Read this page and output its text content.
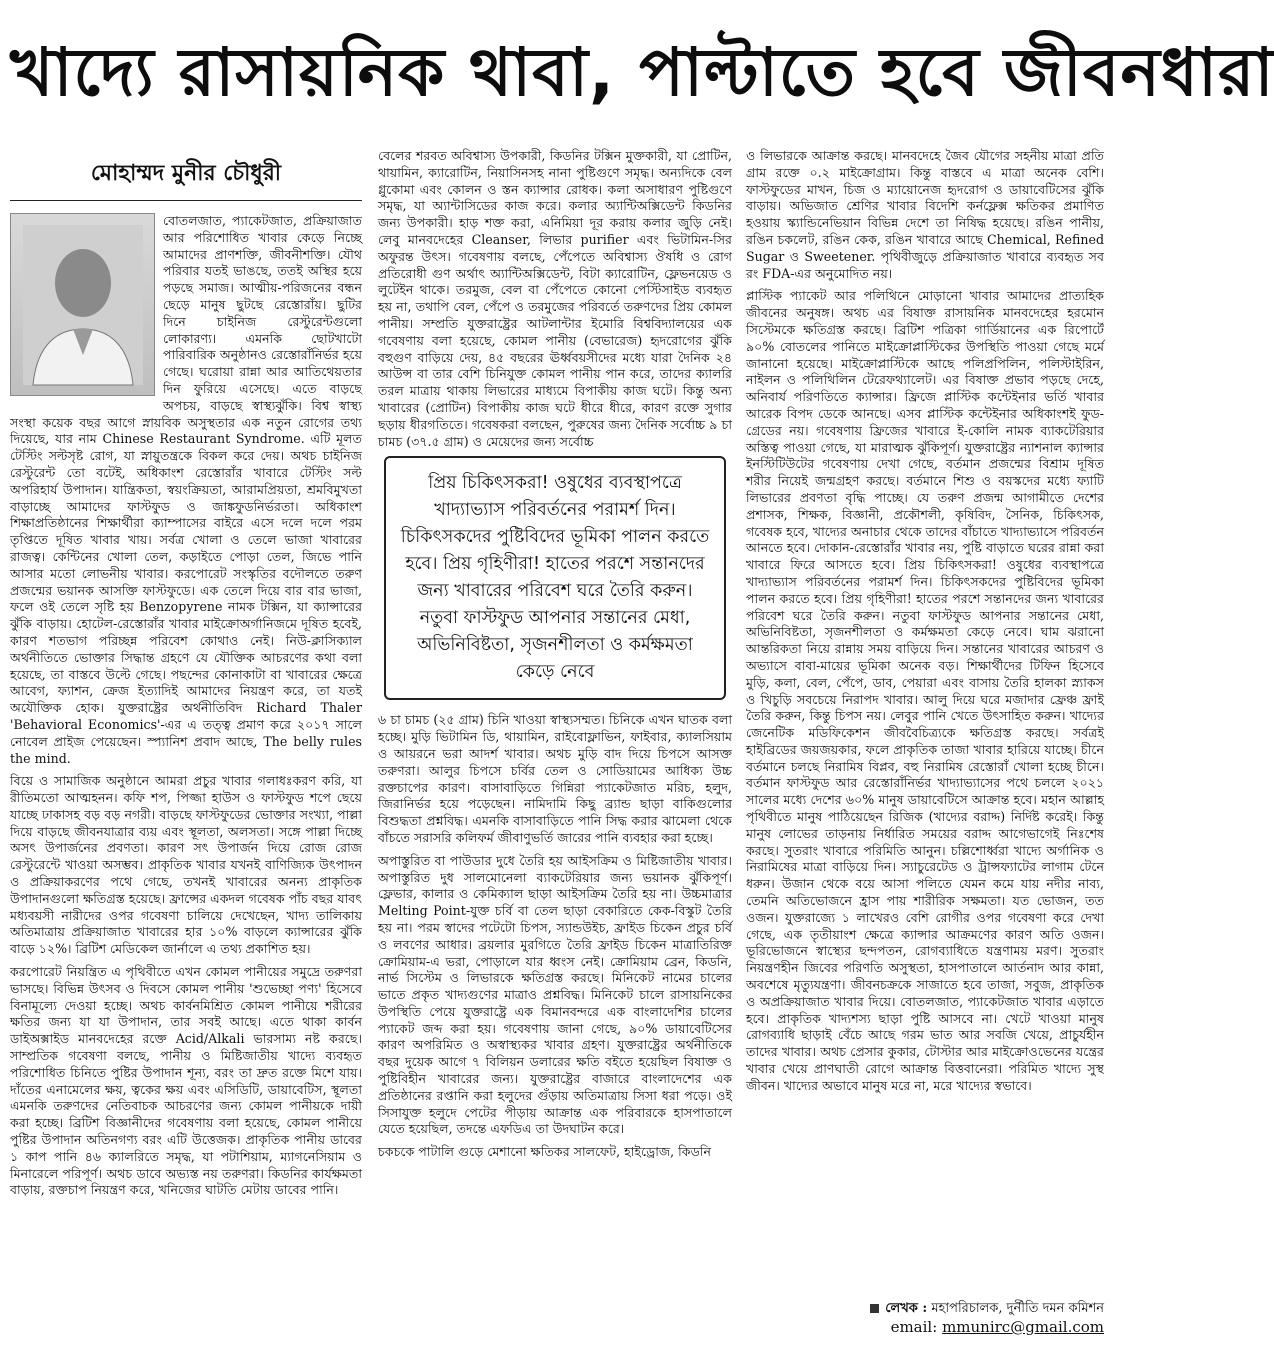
খাদ্যে রাসায়নিক থাবা, পাল্টাতে হবে জীবনধারা
মোহাম্মদ মুনীর চৌধুরী

বোতলজাত, প্যাকেটজাত, প্রক্রিয়াজাত আর পরিশোধিত খাবার কেড়ে নিচ্ছে আমাদের প্রাণশক্তি, জীবনীশক্তি। যৌথ পরিবার যতই ভাঙছে, ততই অস্থির হয়ে পড়ছে সমাজ। আত্মীয়-পরিজনের বন্ধন ছেড়ে মানুষ ছুটছে রেস্তোরাঁয়। ছুটির দিনে চাইনিজ রেস্টুরেন্টগুলো লোকারণ্য। এমনকি ছোটখাটো পারিবারিক অনুষ্ঠানও রেস্তোরাঁনির্ভর হয়ে গেছে। ঘরোয়া রান্না আর আতিথেয়তার দিন ফুরিয়ে এসেছে। এতে বাড়ছে অপচয়, বাড়ছে স্বাস্থ্যঝুঁকি। বিশ্ব স্বাস্থ্য সংস্থা কয়েক বছর আগে স্নায়বিক অসুস্থতার এক নতুন রোগের তথ্য দিয়েছে, যার নাম Chinese Restaurant Syndrome. এটি মূলত টেস্টিং সল্টসৃষ্ট রোগ, যা স্নায়ুতন্ত্রকে বিকল করে দেয়। অথচ চাইনিজ রেস্টুরেন্ট তো বটেই, অধিকাংশ রেস্তোরাঁর খাবারে টেস্টিং সল্ট অপরিহার্য উপাদান। যান্ত্রিকতা, স্বয়ংক্রিয়তা, আরামপ্রিয়তা, শ্রমবিমুখতা বাড়াচ্ছে আমাদের ফাস্টফুড ও জাঙ্কফুডনির্ভরতা। অধিকাংশ শিক্ষাপ্রতিষ্ঠানের শিক্ষার্থীরা ক্যাম্পাসের বাইরে এসে দলে দলে পরম তৃপ্তিতে দূষিত খাবার খায়। সর্বত্র খোলা ও তেলে ভাজা খাবারের রাজত্ব। কেন্টিনের খোলা তেল, কড়াইতে পোড়া তেল, জিভে পানি আসার মতো লোভনীয় খাবার। করপোরেট সংস্কৃতির বদৌলতে তরুণ প্রজন্মের ভয়ানক আসক্তি ফাস্টফুডে। এক তেলে দিয়ে বার বার ভাজা, ফলে ওই তেলে সৃষ্টি হয় Benzopyrene নামক টক্সিন, যা ক্যান্সারের ঝুঁকি বাড়ায়। হোটেল-রেস্তোরাঁর খাবার মাইক্রোঅর্গানিজমে দূষিত হবেই, কারণ শতভাগ পরিচ্ছন্ন পরিবেশ কোথাও নেই। নিউ-ক্লাসিক্যাল অর্থনীতিতে ভোক্তার সিদ্ধান্ত গ্রহণে যে যৌক্তিক আচরণের কথা বলা হয়েছে, তা বাস্তবে উল্টে গেছে। পছন্দের কোনাকাটা বা খাবারের ক্ষেত্রে আবেগ, ফ্যাশন, ক্রেজ ইত্যাদিই আমাদের নিয়ন্ত্রণ করে, তা যতই অযৌক্তিক হোক। যুক্তরাষ্ট্রের অর্থনীতিবিদ Richard Thaler 'Behavioral Economics'-এর এ তত্ত্ব প্রমাণ করে ২০১৭ সালে নোবেল প্রাইজ পেয়েছেন। স্প্যানিশ প্রবাদ আছে, The belly rules the mind.

বিয়ে ও সামাজিক অনুষ্ঠানে আমরা প্রচুর খাবার গলাধঃকরণ করি, যা রীতিমতো আত্মহনন। কফি শপ, পিজ্জা হাউস ও ফাস্টফুড শপে ছেয়ে যাচ্ছে ঢাকাসহ বড় বড় নগরী। বাড়ছে ফাস্টফুডের ভোক্তার সংখ্যা, পাল্লা দিয়ে বাড়ছে জীবনযাত্রার ব্যয় এবং স্থূলতা, অলসতা। সঙ্গে পাল্লা দিচ্ছে অসৎ উপার্জনের প্রবণতা। কারণ সৎ উপার্জন দিয়ে রোজ রোজ রেস্টুরেন্টে খাওয়া অসম্ভব। প্রাকৃতিক খাবার যখনই বাণিজ্যিক উৎপাদন ও প্রক্রিয়াকরণের পথে গেছে, তখনই খাবারের অনন্য প্রাকৃতিক উপাদানগুলো ক্ষতিগ্রস্ত হয়েছে। ফ্রান্সের একদল গবেষক পাঁচ বছর যাবৎ মধ্যবয়সী নারীদের ওপর গবেষণা চালিয়ে দেখেছেন, খাদ্য তালিকায় অতিমাত্রায় প্রক্রিয়াজাত খাবারের হার ১০% বাড়লে ক্যান্সারের ঝুঁকি বাড়ে ১২%। ব্রিটিশ মেডিকেল জার্নালে এ তথ্য প্রকাশিত হয়।

করপোরেট নিয়ন্ত্রিত এ পৃথিবীতে এখন কোমল পানীয়ের সমুদ্রে তরুণরা ভাসছে। বিভিন্ন উৎসব ও দিবসে কোমল পানীয় 'শুভেচ্ছা পণ্য' হিসেবে বিনামূল্যে দেওয়া হচ্ছে। অথচ কার্বনমিশ্রিত কোমল পানীয়ে শরীরের ক্ষতির জন্য যা যা উপাদান, তার সবই আছে। এতে থাকা কার্বন ডাইঅক্সাইড মানবদেহের রক্তে Acid/Alkali ভারসাম্য নষ্ট করছে। সাম্প্রতিক গবেষণা বলছে, পানীয় ও মিষ্টিজাতীয় খাদ্যে ব্যবহৃত পরিশোধিত চিনিতে পুষ্টির উপাদান শূন্য, বরং তা দ্রুত রক্তে মিশে যায়। দাঁতের এনামেলের ক্ষয়, ত্বকের ক্ষয় এবং এসিডিটি, ডায়াবেটিস, স্থূলতা এমনকি তরুণদের নেতিবাচক আচরণের জন্য কোমল পানীয়কে দায়ী করা হচ্ছে। ব্রিটিশ বিজ্ঞানীদের গবেষণায় বলা হয়েছে, কোমল পানীয়ে পুষ্টির উপাদান অতিনগণ্য বরং এটি উত্তেজক। প্রাকৃতিক পানীয় ডাবের ১ কাপ পানি ৪৬ ক্যালরিতে সমৃদ্ধ, যা পটাশিয়াম, ম্যাগনেসিয়াম ও মিনারেলে পরিপূর্ণ। অথচ ডাবে অভ্যস্ত নয় তরুণরা। কিডনির কার্যক্ষমতা বাড়ায়, রক্তচাপ নিয়ন্ত্রণ করে, খনিজের ঘাটতি মেটায় ডাবের পানি।

বেলের শরবত অবিশ্বাস্য উপকারী, কিডনির টক্সিন মুক্তকারী, যা প্রোটিন, থায়ামিন, ক্যারোটিন, নিয়াসিনসহ নানা পুষ্টিগুণে সমৃদ্ধ। অন্যদিকে বেল গ্লুকোমা এবং কোলন ও স্তন ক্যান্সার রোধক। কলা অসাধারণ পুষ্টিগুণে সমৃদ্ধ, যা অ্যান্টাসিডের কাজ করে। কলার অ্যান্টিঅক্সিডেন্ট কিডনির জন্য উপকারী। হাড় শক্ত করা, এনিমিয়া দূর করায় কলার জুড়ি নেই। লেবু মানবদেহের Cleanser, লিভার purifier এবং ভিটামিন-সির অফুরন্ত উৎস। গবেষণায় বলছে, পেঁপেতে অবিশ্বাস্য ঔষধি ও রোগ প্রতিরোধী গুণ অর্থাৎ অ্যান্টিঅক্সিডেন্ট, বিটা ক্যারোটিন, ফ্লেভনয়েড ও লুটেইন থাকে। তরমুজ, বেল বা পেঁপেতে কোনো পেস্টিসাইড ব্যবহৃত হয় না, তথাপি বেল, পেঁপে ও তরমুজের পরিবর্তে তরুণদের প্রিয় কোমল পানীয়। সম্প্রতি যুক্তরাষ্ট্রের আটলান্টার ইমোরি বিশ্ববিদ্যালয়ের এক গবেষণায় বলা হয়েছে, কোমল পানীয় (বেভারেজ) হৃদরোগের ঝুঁকি বহুগুণ বাড়িয়ে দেয়, ৪৫ বছরের ঊর্ধ্ববয়সীদের মধ্যে যারা দৈনিক ২৪ আউন্স বা তার বেশি চিনিযুক্ত কোমল পানীয় পান করে, তাদের ক্যালরি তরল মাত্রায় থাকায় লিভারের মাধ্যমে বিপাকীয় কাজ ঘটে। কিন্তু অন্য খাবারের (প্রোটিন) বিপাকীয় কাজ ঘটে ধীরে ধীরে, কারণ রক্তে সুগার ছড়ায় ধীরগতিতে। গবেষকরা বলছেন, পুরুষের জন্য দৈনিক সর্বোচ্চ ৯ চা চামচ (৩৭.৫ গ্রাম) ও মেয়েদের জন্য সর্বোচ্চ

প্রিয় চিকিৎসকরা! ওষুধের ব্যবস্থাপত্রে খাদ্যাভ্যাস পরিবর্তনের পরামর্শ দিন। চিকিৎসকদের পুষ্টিবিদের ভূমিকা পালন করতে হবে। প্রিয় গৃহিণীরা! হাতের পরশে সন্তানদের জন্য খাবারের পরিবেশ ঘরে তৈরি করুন। নতুবা ফাস্টফুড আপনার সন্তানের মেধা, অভিনিবিষ্টতা, সৃজনশীলতা ও কর্মক্ষমতা কেড়ে নেবে

৬ চা চামচ (২৫ গ্রাম) চিনি খাওয়া স্বাস্থ্যসম্মত। চিনিকে এখন ঘাতক বলা হচ্ছে। মুড়ি ভিটামিন ডি, থায়ামিন, রাইবোফ্লাভিন, ফাইবার, ক্যালসিয়াম ও আয়রনে ভরা আদর্শ খাবার। অথচ মুড়ি বাদ দিয়ে চিপসে আসক্ত তরুণরা। আলুর চিপসে চর্বির তেল ও সোডিয়ামের আধিক্য উচ্চ রক্তচাপের কারণ। বাসাবাড়িতে গিন্নিরা প্যাকেটজাত মরিচ, হলুদ, জিরানির্ভর হয়ে পড়েছেন। নামিদামি কিছু ব্র্যান্ড ছাড়া বাকিগুলোর বিশুদ্ধতা প্রশ্নবিদ্ধ। এমনকি বাসাবাড়িতে পানি সিদ্ধ করার ঝামেলা থেকে বাঁচতে সরাসরি কলিফর্ম জীবাণুভর্তি জারের পানি ব্যবহার করা হচ্ছে।

অপাস্তুরিত বা পাউডার দুধে তৈরি হয় আইসক্রিম ও মিষ্টিজাতীয় খাবার। অপাস্তুরিত দুধ সালমোনেলা ব্যাকটেরিয়ার জন্য ভয়ানক ঝুঁকিপূর্ণ। ফ্লেভার, কালার ও কেমিক্যাল ছাড়া আইসক্রিম তৈরি হয় না। উচ্চমাত্রার Melting Point-যুক্ত চর্বি বা তেল ছাড়া বেকারিতে কেক-বিস্কুট তৈরি হয় না। পরম স্বাদের পটেটো চিপস, স্যান্ডউইচ, ফ্রাইড চিকেন প্রচুর চর্বি ও লবণের আধার। ব্রয়লার মুরগিতে তৈরি ফ্রাইড চিকেন মাত্রাতিরিক্ত ক্রোমিয়াম-এ ভরা, পোড়ালে যার ধ্বংস নেই। ক্রোমিয়াম ব্রেন, কিডনি, নার্ভ সিস্টেম ও লিভারকে ক্ষতিগ্রস্ত করছে। মিনিকেট নামের চালের ভাতে প্রকৃত খাদ্যগুণের মাত্রাও প্রশ্নবিদ্ধ। মিনিকেট চালে রাসায়নিকের উপস্থিতি পেয়ে যুক্তরাষ্ট্রে এক বিমানবন্দরে এক বাংলাদেশির চালের প্যাকেট জব্দ করা হয়। গবেষণায় জানা গেছে, ৯০% ডায়াবেটিসের কারণ অপরিমিত ও অস্বাস্থ্যকর খাবার গ্রহণ। যুক্তরাষ্ট্রের অর্থনীতিকে বছর দুয়েক আগে ৭ বিলিয়ন ডলারের ক্ষতি বইতে হয়েছিল বিষাক্ত ও পুষ্টিবিহীন খাবারের জন্য। যুক্তরাষ্ট্রের বাজারে বাংলাদেশের এক প্রতিষ্ঠানের রপ্তানি করা হলুদের গুঁড়ায় অতিমাত্রায় সিসা ধরা পড়ে। ওই সিসাযুক্ত হলুদে পেটের পীড়ায় আক্রান্ত এক পরিবারকে হাসপাতালে যেতে হয়েছিল, তদন্তে এফডিএ তা উদঘাটন করে।

চকচকে পাটালি গুড়ে মেশানো ক্ষতিকর সালফেট, হাইড্রোজ, কিডনি

ও লিভারকে আক্রান্ত করছে। মানবদেহে জৈব যৌগের সহনীয় মাত্রা প্রতি গ্রাম রক্তে ০.২ মাইক্রোগ্রাম। কিন্তু বাস্তবে এ মাত্রা অনেক বেশি। ফাস্টফুডের মাখন, চিজ ও ম্যায়োনেজ হৃদরোগ ও ডায়াবেটিসের ঝুঁকি বাড়ায়। অভিজাত শ্রেণির খাবার বিদেশি কর্নফ্লেক্স ক্ষতিকর প্রমাণিত হওয়ায় স্ক্যান্ডিনেভিয়ান বিভিন্ন দেশে তা নিষিদ্ধ হয়েছে। রঙিন পানীয়, রঙিন চকলেট, রঙিন কেক, রঙিন খাবারে আছে Chemical, Refined Sugar ও Sweetener. পৃথিবীজুড়ে প্রক্রিয়াজাত খাবারে ব্যবহৃত সব রং FDA-এর অনুমোদিত নয়।

প্লাস্টিক প্যাকেট আর পলিথিনে মোড়ানো খাবার আমাদের প্রাত্যহিক জীবনের অনুষঙ্গ। অথচ এর বিষাক্ত রাসায়নিক মানবদেহের হরমোন সিস্টেমকে ক্ষতিগ্রস্ত করছে। ব্রিটিশ পত্রিকা গার্ডিয়ানের এক রিপোর্টে ৯০% বোতলের পানিতে মাইক্রোপ্লাস্টিকের উপস্থিতি পাওয়া গেছে মর্মে জানানো হয়েছে। মাইক্রোপ্লাস্টিকে আছে পলিপ্রপিলিন, পলিস্টাইরিন, নাইলন ও পলিথিলিন টেরেফথ্যালেট। এর বিষাক্ত প্রভাব পড়ছে দেহে, অনিবার্য পরিণতিতে ক্যান্সার। ফ্রিজে প্লাস্টিক কন্টেইনার ভর্তি খাবার আরেক বিপদ ডেকে আনছে। এসব প্লাস্টিক কন্টেইনার অধিকাংশই ফুড-গ্রেডের নয়। গবেষণায় ফ্রিজের খাবারে ই-কোলি নামক ব্যাকটেরিয়ার অস্তিত্ব পাওয়া গেছে, যা মারাত্মক ঝুঁকিপূর্ণ। যুক্তরাষ্ট্রের ন্যাশনাল ক্যান্সার ইনস্টিটিউটের গবেষণায় দেখা গেছে, বর্তমান প্রজন্মের বিশ্রাম দূষিত শরীর নিয়েই জন্মগ্রহণ করছে। বর্তমানে শিশু ও বয়স্কদের মধ্যে ফ্যাটি লিভারের প্রবণতা বৃদ্ধি পাচ্ছে। যে তরুণ প্রজন্ম আগামীতে দেশের প্রশাসক, শিক্ষক, বিজ্ঞানী, প্রকৌশলী, কৃষিবিদ, সৈনিক, চিকিৎসক, গবেষক হবে, খাদ্যের অনাচার থেকে তাদের বাঁচাতে খাদ্যাভ্যাসে পরিবর্তন আনতে হবে। দোকান-রেস্তোরাঁর খাবার নয়, পুষ্টি বাড়াতে ঘরের রান্না করা খাবারে ফিরে আসতে হবে। প্রিয় চিকিৎসকরা! ওষুধের ব্যবস্থাপত্রে খাদ্যাভ্যাস পরিবর্তনের পরামর্শ দিন। চিকিৎসকদের পুষ্টিবিদের ভূমিকা পালন করতে হবে। প্রিয় গৃহিণীরা! হাতের পরশে সন্তানদের জন্য খাবারের পরিবেশ ঘরে তৈরি করুন। নতুবা ফাস্টফুড আপনার সন্তানের মেধা, অভিনিবিষ্টতা, সৃজনশীলতা ও কর্মক্ষমতা কেড়ে নেবে। ঘাম ঝরানো আন্তরিকতা নিয়ে রান্নায় সময় বাড়িয়ে দিন। সন্তানের খাবারের আচরণ ও অভ্যাসে বাবা-মায়ের ভূমিকা অনেক বড়। শিক্ষার্থীদের টিফিন হিসেবে মুড়ি, কলা, বেল, পেঁপে, ডাব, পেয়ারা এবং বাসায় তৈরি হালকা স্ন্যাকস ও খিচুড়ি সবচেয়ে নিরাপদ খাবার। আলু দিয়ে ঘরে মজাদার ফ্রেঞ্চ ফ্রাই তৈরি করুন, কিন্তু চিপস নয়। লেবুর পানি খেতে উৎসাহিত করুন। খাদ্যের জেনেটিক মডিফিকেশন জীববৈচিত্র্যকে ক্ষতিগ্রস্ত করছে। সর্বত্রই হাইব্রিডের জয়জয়কার, ফলে প্রাকৃতিক তাজা খাবার হারিয়ে যাচ্ছে। চীনে বর্তমানে চলছে নিরামিষ বিপ্লব, বহু নিরামিষ রেস্তোরাঁ খোলা হচ্ছে চীনে। বর্তমান ফাস্টফুড আর রেস্তোরাঁনির্ভর খাদ্যাভ্যাসের পথে চললে ২০২১ সালের মধ্যে দেশের ৬০% মানুষ ডায়াবেটিসে আক্রান্ত হবে। মহান আল্লাহ পৃথিবীতে মানুষ পাঠিয়েছেন রিজিক (খাদ্যের বরাদ্দ) নির্দিষ্ট করেই। কিন্তু মানুষ লোভের তাড়নায় নির্ধারিত সময়ের বরাদ্দ আগেভাগেই নিঃশেষ করছে। সুতরাং খাবারে পরিমিতি আনুন। চল্লিশোর্ধ্বরা খাদ্যে অর্গানিক ও নিরামিষের মাত্রা বাড়িয়ে দিন। স্যাচুরেটেড ও ট্রান্সফ্যাটের লাগাম টেনে ধরুন। উজান থেকে বয়ে আসা পলিতে যেমন কমে যায় নদীর নাব্য, তেমনি অতিভোজনে হ্রাস পায় শারীরিক সক্ষমতা। যত ভোজন, তত ওজন। যুক্তরাজ্যে ১ লাখেরও বেশি রোগীর ওপর গবেষণা করে দেখা গেছে, এক তৃতীয়াংশ ক্ষেত্রে ক্যান্সার আক্রমণের কারণ অতি ওজন। ভূরিভোজনে স্বাস্থ্যের ছন্দপতন, রোগব্যাধিতে যন্ত্রণাময় মরণ। সুতরাং নিয়ন্ত্রণহীন জিবের পরিণতি অসুস্থতা, হাসপাতালে আর্তনাদ আর কান্না, অবশেষে মৃত্যুযন্ত্রণা। জীবনচক্রকে সাজাতে হবে তাজা, সবুজ, প্রাকৃতিক ও অপ্রক্রিয়াজাত খাবার দিয়ে। বোতলজাত, প্যাকেটজাত খাবার এড়াতে হবে। প্রাকৃতিক খাদ্যশস্য ছাড়া পুষ্টি আসবে না। খেটে খাওয়া মানুষ রোগব্যাধি ছাড়াই বেঁচে আছে গরম ভাত আর সবজি খেয়ে, প্রাচুর্যহীন তাদের খাবার। অথচ প্রেসার কুকার, টোস্টার আর মাইক্রোওভেনের যন্ত্রের খাবার খেয়ে প্রাণঘাতী রোগে আক্রান্ত বিত্তবানেরা। পরিমিত খাদ্যে সুস্থ জীবন। খাদ্যের অভাবে মানুষ মরে না, মরে খাদ্যের স্বভাবে।

লেখক : মহাপরিচালক, দুর্নীতি দমন কমিশন
email: mmunirc@gmail.com
